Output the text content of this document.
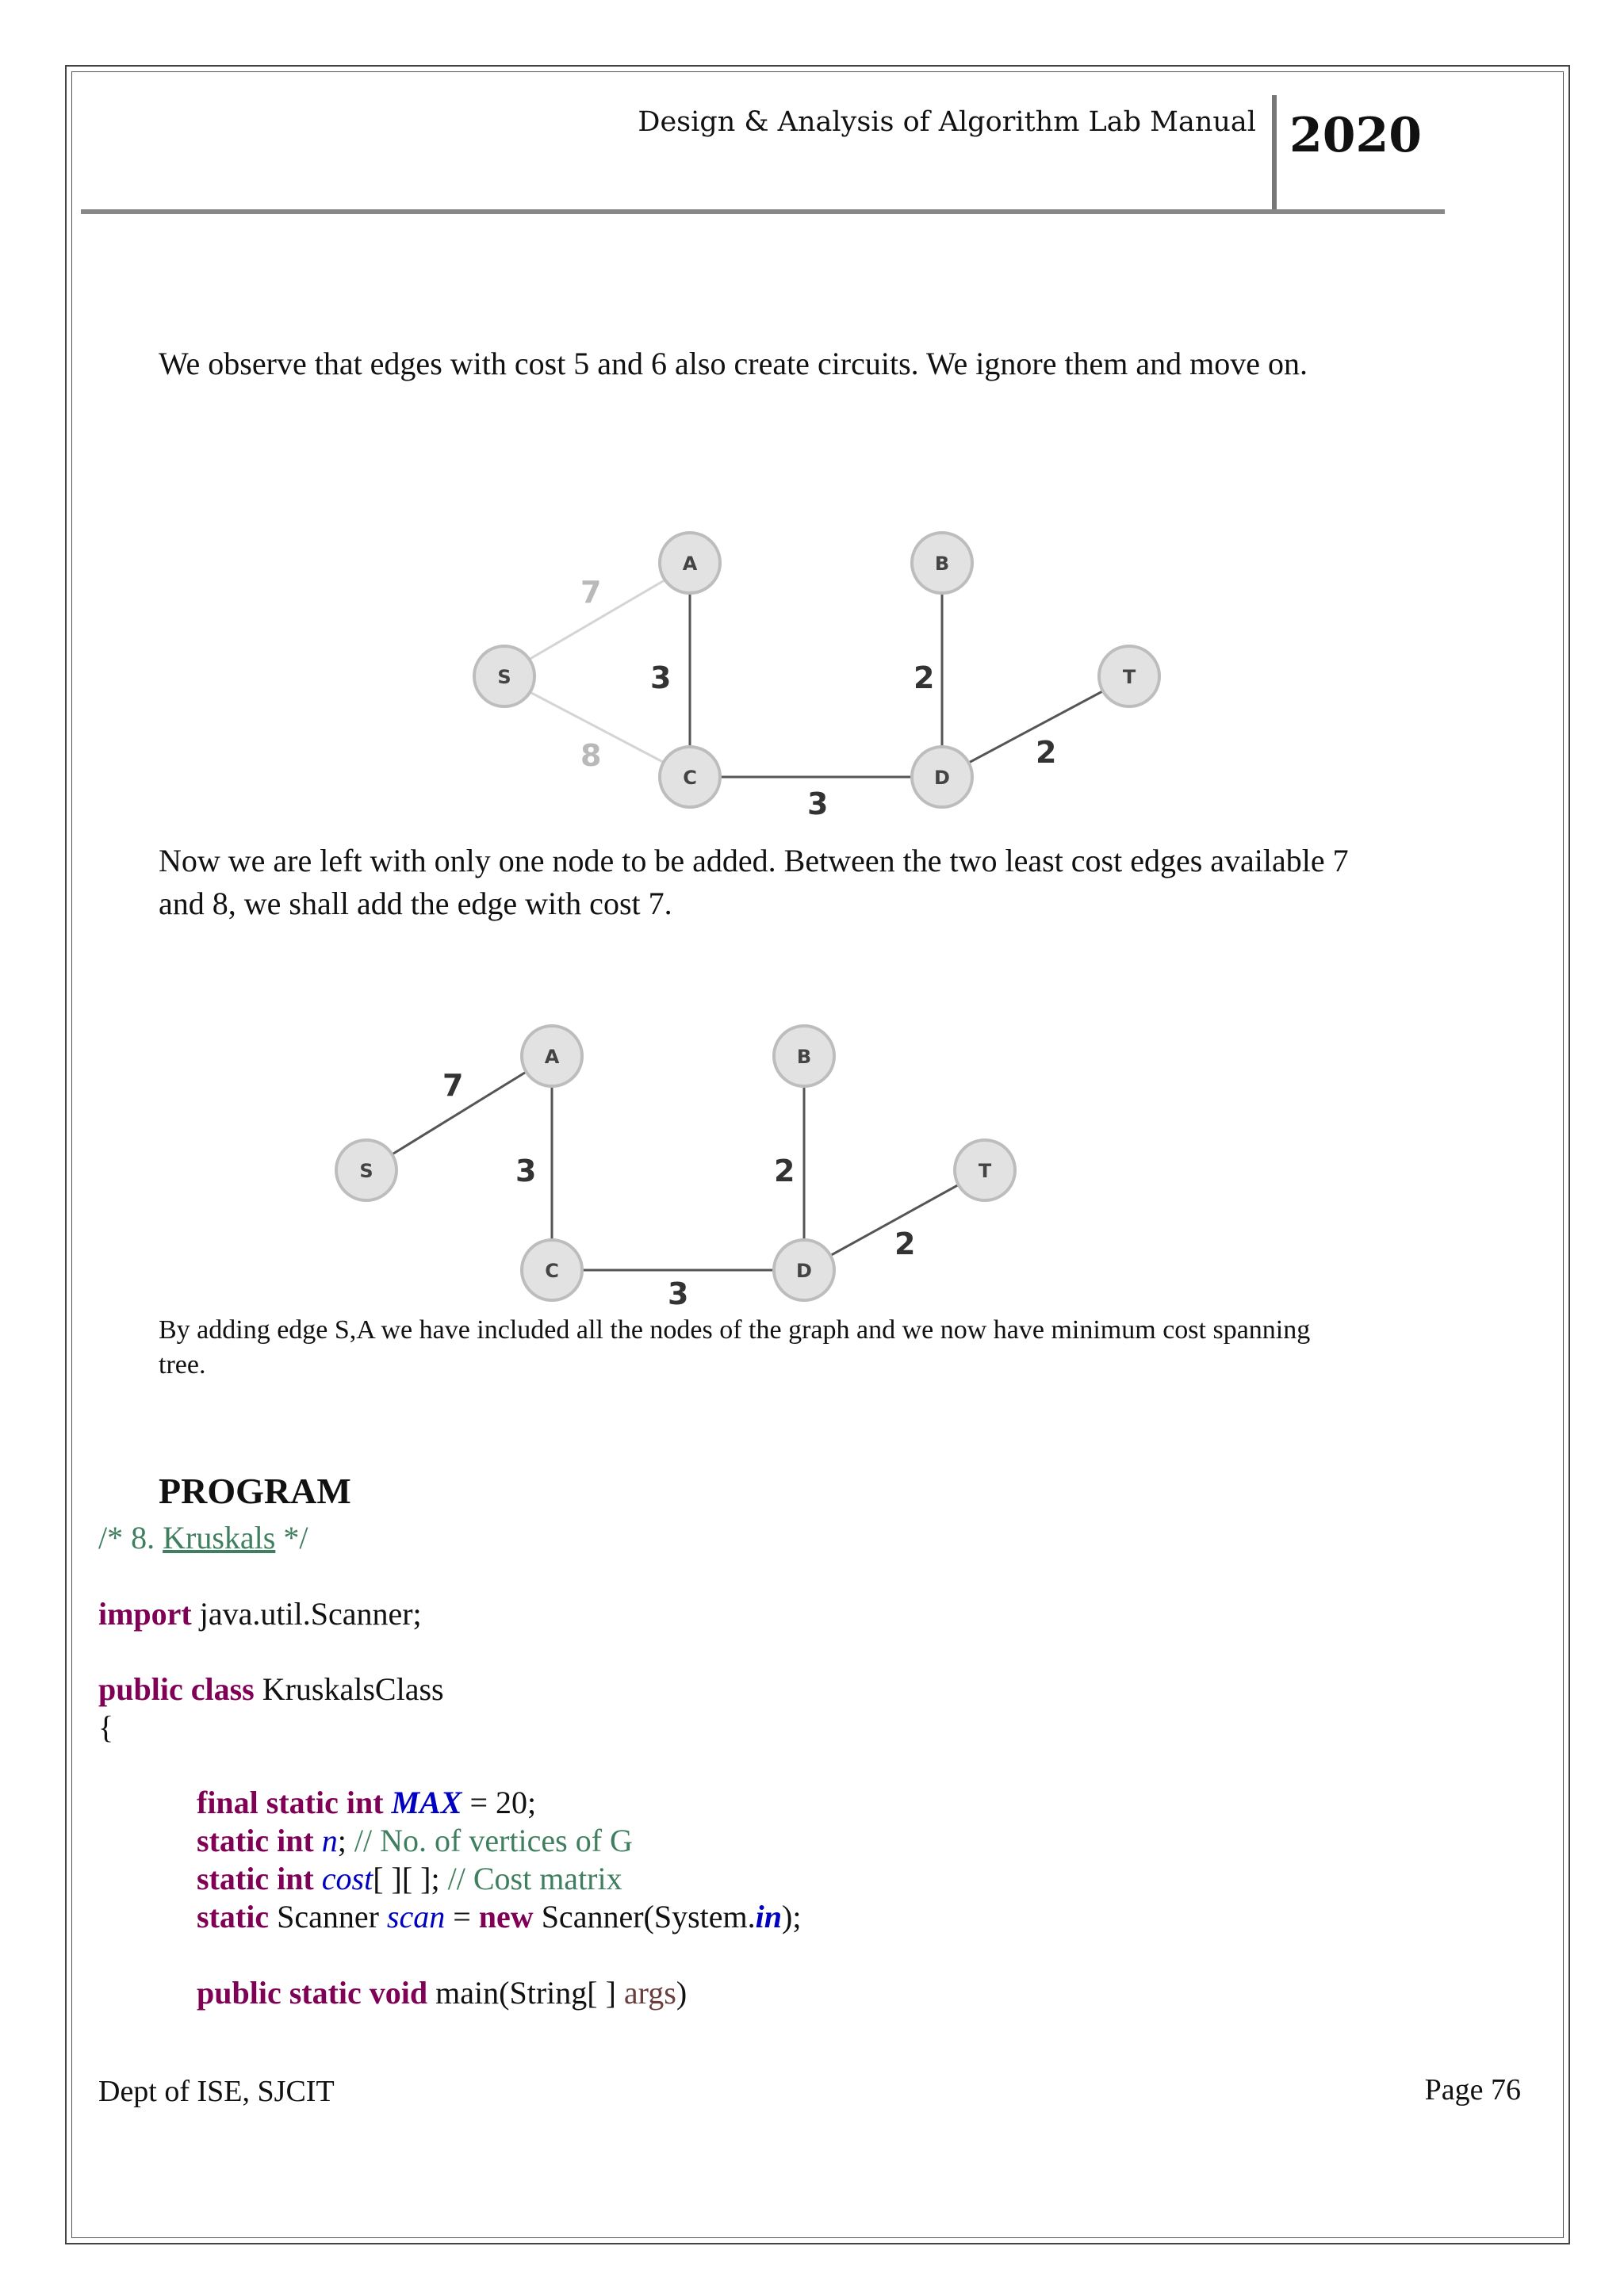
Design & Analysis of Algorithm Lab Manual 2020
We observe that edges with cost 5 and 6 also create circuits. We ignore them and move on.
7
8
3	2
2
3
A	B
S	T
C	D
Now we are left with only one node to be added. Between the two least cost edges available 7
and 8, we shall add the edge with cost 7.
7
3	2
2
3
A	B
S	T
C	D
By adding edge S,A we have included all the nodes of the graph and we now have minimum cost spanning
tree.
PROGRAM
/* 8. Kruskals */
import java.util.Scanner;
public class KruskalsClass
{
final static int MAX = 20;
static int n; // No. of vertices of G
static int cost[ ][ ]; // Cost matrix
static Scanner scan = new Scanner(System.in);
public static void main(String[ ] args)
Dept of ISE, SJCIT	Page 76
